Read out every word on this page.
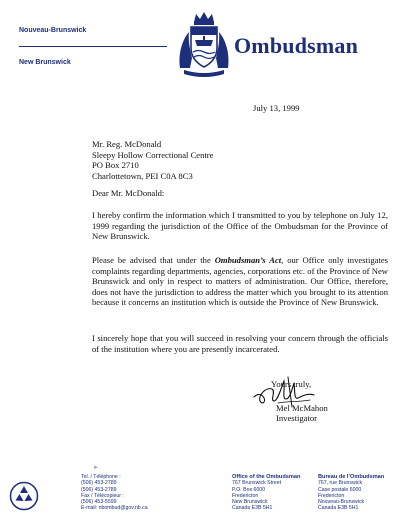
Nouveau-Brunswick
New Brunswick
Ombudsman
July 13, 1999
Mr. Reg. McDonald
Sleepy Hollow Correctional Centre
PO Box 2710
Charlottetown, PEI C0A 8C3
Dear Mr. McDonald:
I hereby confirm the information which I transmitted to you by telephone on July 12, 1999 regarding the jurisdiction of the Office of the Ombudsman for the Province of New Brunswick.
Please be advised that under the Ombudsman’s Act, our Office only investigates complaints regarding departments, agencies, corporations etc. of the Province of New Brunswick and only in respect to matters of administration. Our Office, therefore, does not have the jurisdiction to address the matter which you brought to its attention because it concerns an institution which is outside the Province of New Brunswick.
I sincerely hope that you will succeed in resolving your concern through the officials of the institution where you are presently incarcerated.
Yours truly,
Mel McMahon
Investigator
►
Tel. / Téléphone :
(506) 453-2789
(506) 453-2789
Fax / Télécopieur :
(506) 453-5599
E-mail: nbombud@gov.nb.ca
Office of the Ombudsman
767 Brunswick Street
P.O. Box 6000
Fredericton
New Brunswick
Canada E3B 5H1
Bureau de l’Ombudsman
767, rue Brunswick
Case postale 6000
Fredericton
Nouveau-Brunswick
Canada E3B 5H1
